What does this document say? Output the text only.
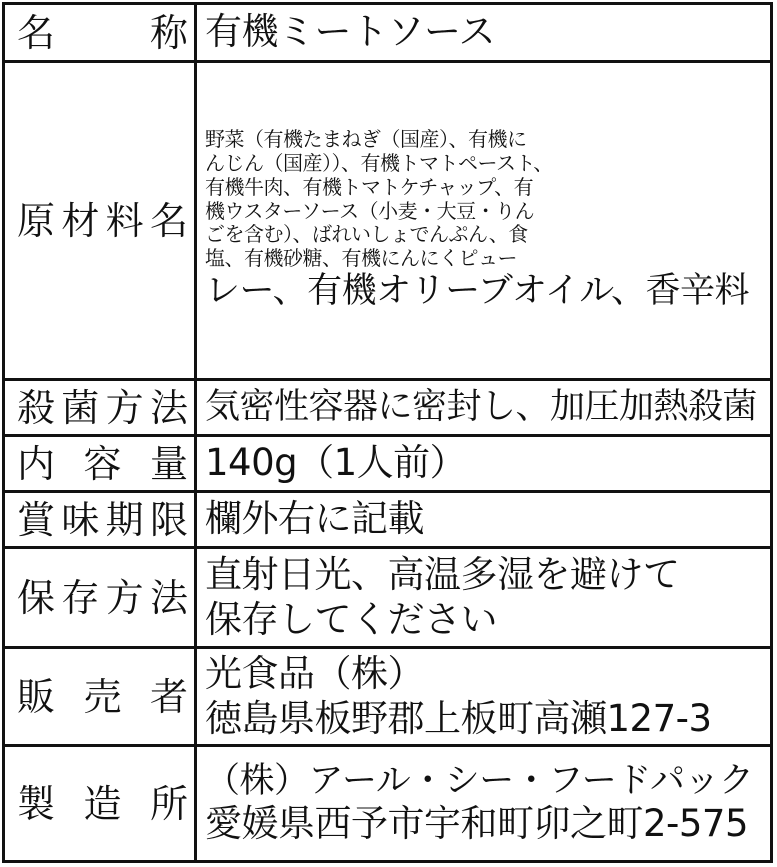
名 称 有機ミートソース
原 材 料 名
野菜（有機たまねぎ（国産）、有機に
んじん（国産））、有機トマトペースト、
有機牛肉、有機トマトケチャップ、有
機ウスターソース（小麦・大豆・りん
ごを含む）、ばれいしょでんぷん、食
塩、有機砂糖、有機にんにくピュー
レー、有機オリーブオイル、香辛料
殺 菌 方 法 気密性容器に密封し、加圧加熱殺菌
内 容 量 140g（1人前）
賞 味 期 限 欄外右に記載
保 存 方 法
直射日光、高温多湿を避けて
保存してください
販 売 者
光食品（株）
徳島県板野郡上板町高瀬127-3
製 造 所
（株）アール・シー・フードパック
愛媛県西予市宇和町卯之町2-575
